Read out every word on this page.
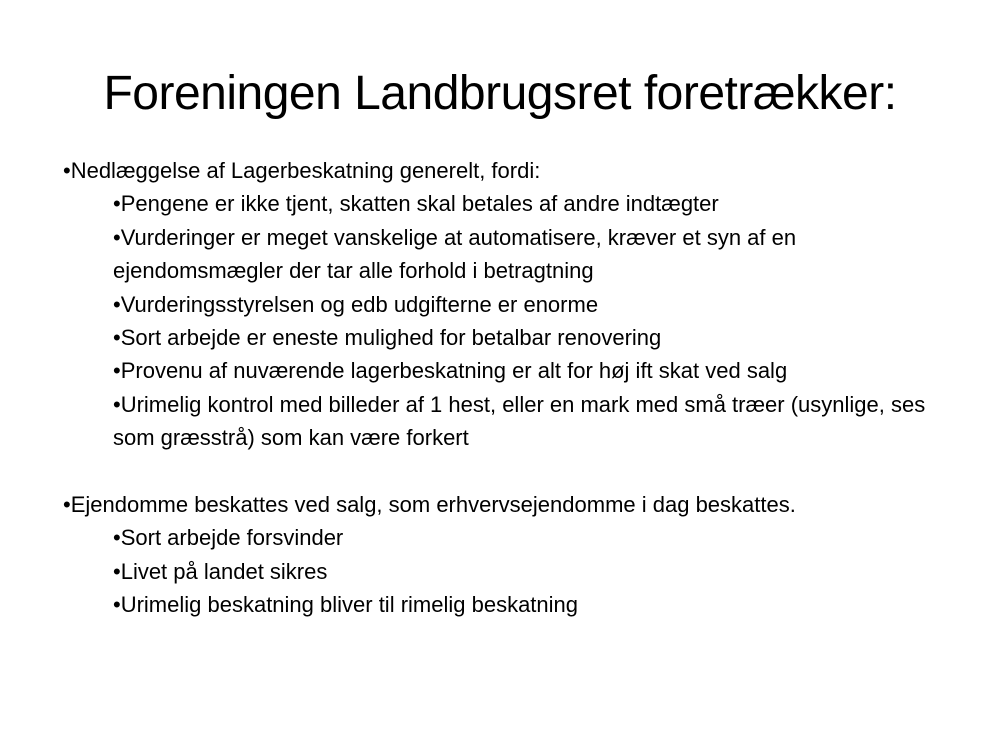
Foreningen Landbrugsret foretrækker:

•Nedlæggelse af Lagerbeskatning generelt, fordi:

•Pengene er ikke tjent, skatten skal betales af andre indtægter

•Vurderinger er meget vanskelige at automatisere, kræver et syn af en ejendomsmægler der tar alle forhold i betragtning

•Vurderingsstyrelsen og edb udgifterne er enorme

•Sort arbejde er eneste mulighed for betalbar renovering

•Provenu af nuværende lagerbeskatning er alt for høj ift skat ved salg

•Urimelig kontrol med billeder af 1 hest, eller en mark med små træer (usynlige, ses som græsstrå) som kan være forkert

•Ejendomme beskattes ved salg, som erhvervsejendomme i dag beskattes.

•Sort arbejde forsvinder

•Livet på landet sikres

•Urimelig beskatning bliver til rimelig beskatning
